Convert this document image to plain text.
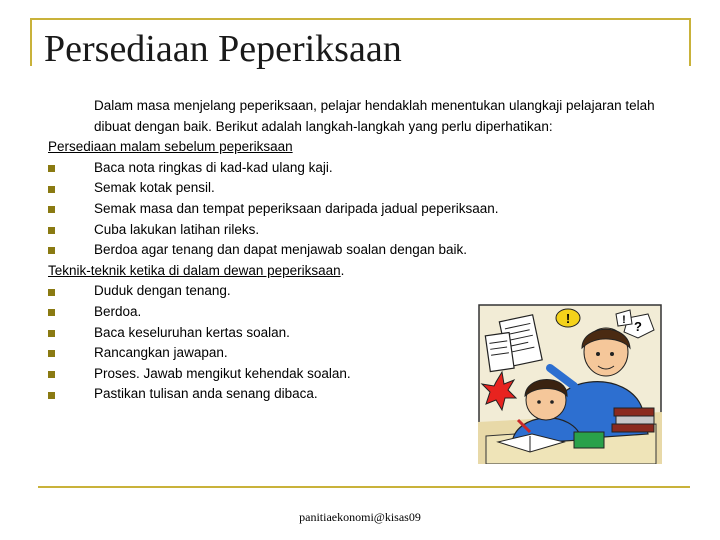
Persediaan Peperiksaan

Dalam masa menjelang peperiksaan, pelajar hendaklah menentukan ulangkaji pelajaran telah dibuat dengan baik. Berikut adalah langkah-langkah yang perlu diperhatikan:

Persediaan malam sebelum peperiksaan

Baca nota ringkas di kad-kad ulang kaji.
Semak kotak pensil.
Semak masa dan tempat peperiksaan daripada jadual peperiksaan.
Cuba lakukan latihan rileks.
Berdoa agar tenang dan dapat menjawab soalan dengan baik.

Teknik-teknik ketika di dalam dewan peperiksaan.

Duduk dengan tenang.
Berdoa.
Baca keseluruhan kertas soalan.
Rancangkan jawapan.
Proses. Jawab mengikut kehendak soalan.
Pastikan tulisan anda senang dibaca.
!
?
!
panitiaekonomi@kisas09
